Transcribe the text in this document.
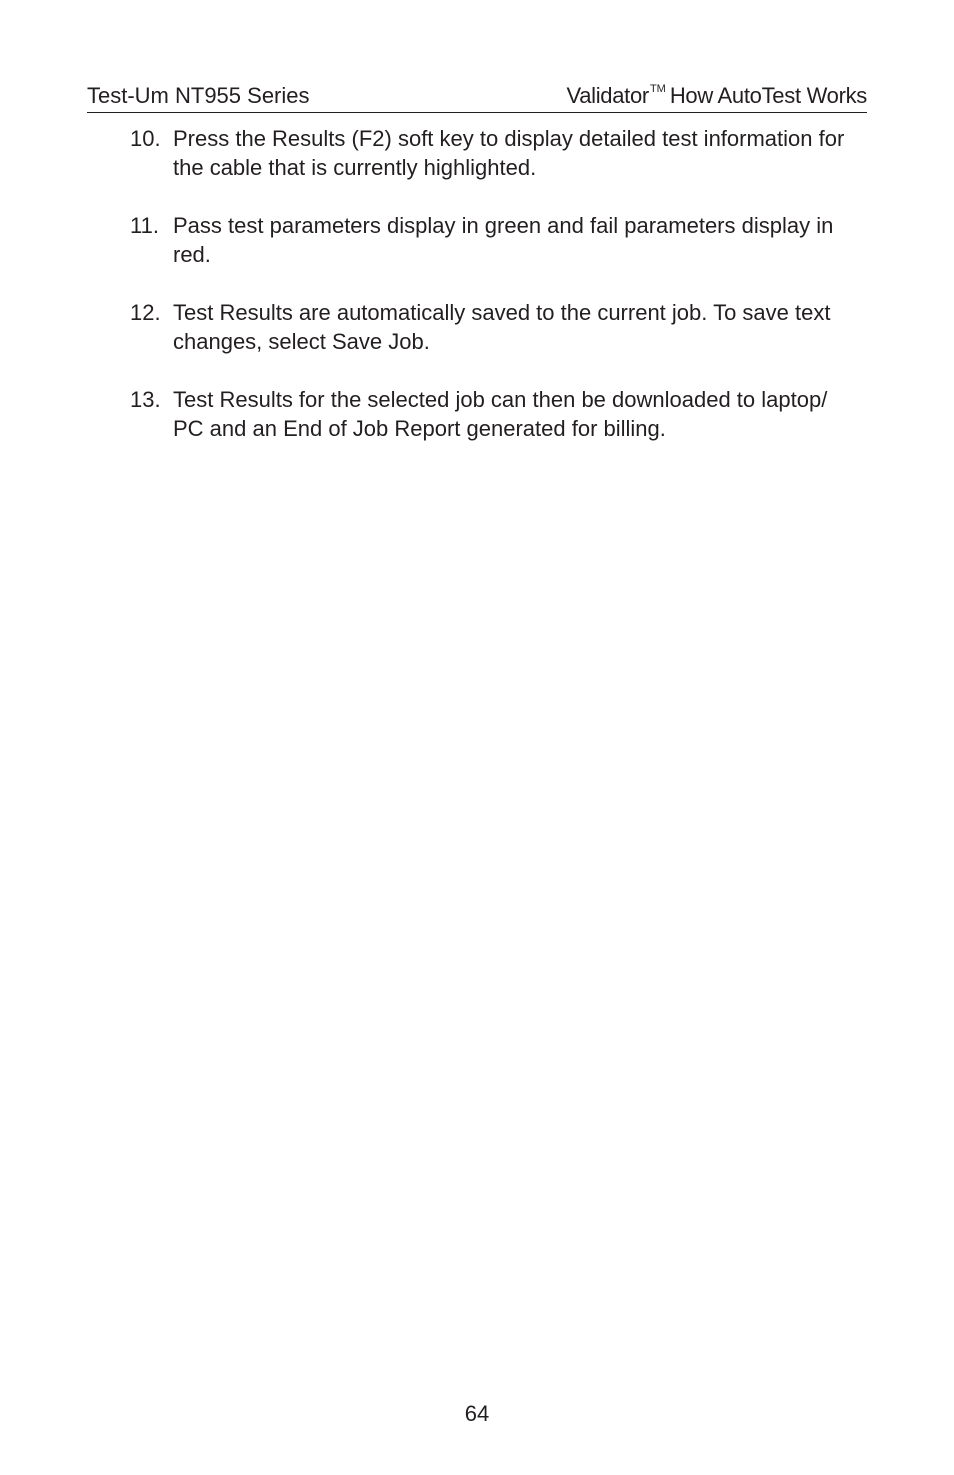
Test-Um NT955 Series	Validator™ How AutoTest Works
10. Press the Results (F2) soft key to display detailed test information for the cable that is currently highlighted.
11. Pass test parameters display in green and fail parameters display in red.
12. Test Results are automatically saved to the current job. To save text changes, select Save Job.
13. Test Results for the selected job can then be downloaded to laptop/ PC and an End of Job Report generated for billing.
64
